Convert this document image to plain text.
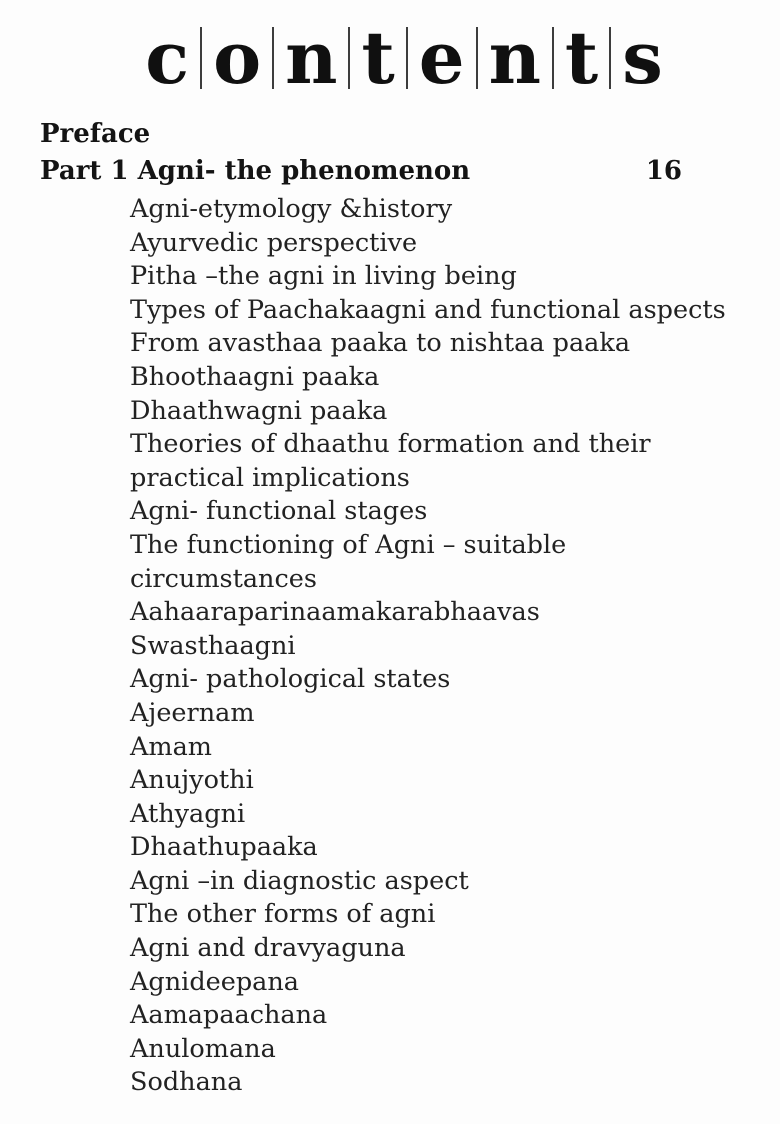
c o n t e n t s
Preface
Part 1 Agni- the phenomenon	16
Agni-etymology &history
Ayurvedic perspective
Pitha –the agni in living being
Types of Paachakaagni and functional aspects
From avasthaa paaka to nishtaa paaka
Bhoothaagni paaka
Dhaathwagni paaka
Theories of dhaathu formation and their
practical implications
Agni- functional stages
The functioning of Agni – suitable
circumstances
Aahaaraparinaamakarabhaavas
Swasthaagni
Agni- pathological states
Ajeernam
Amam
Anujyothi
Athyagni
Dhaathupaaka
Agni –in diagnostic aspect
The other forms of agni
Agni and dravyaguna
Agnideepana
Aamapaachana
Anulomana
Sodhana
